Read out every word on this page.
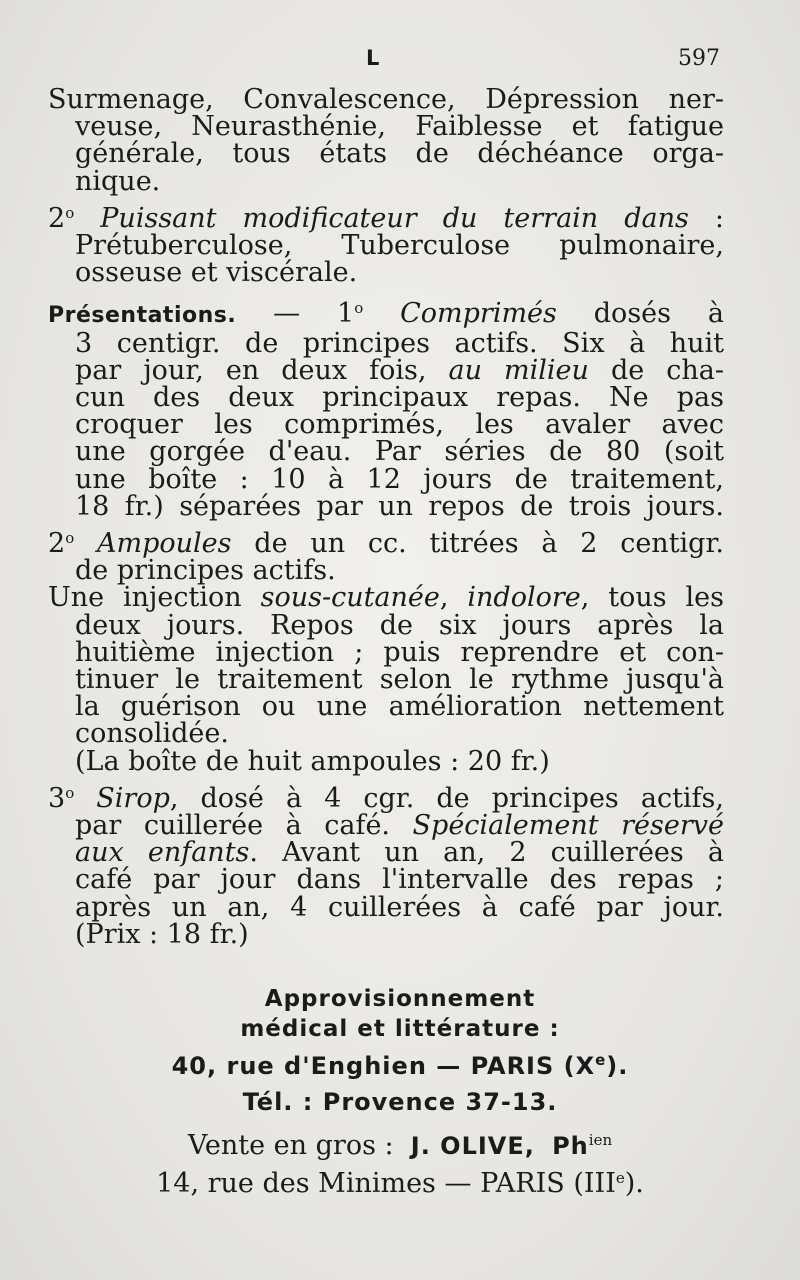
L	597
Surmenage, Convalescence, Dépression ner-
veuse, Neurasthénie, Faiblesse et fatigue
générale, tous états de déchéance orga-
nique.
2$^o$ Puissant modificateur du terrain dans :
Prétuberculose, Tuberculose pulmonaire,
osseuse et viscérale.
Présentations. — 1$^o$ Comprimés dosés à
3 centigr. de principes actifs. Six à huit
par jour, en deux fois, au milieu de cha-
cun des deux principaux repas. Ne pas
croquer les comprimés, les avaler avec
une gorgée d'eau. Par séries de 80 (soit
une boîte : 10 à 12 jours de traitement,
18 fr.) séparées par un repos de trois jours.
2$^o$ Ampoules de un cc. titrées à 2 centigr.
de principes actifs.
Une injection sous-cutanée, indolore, tous les
deux jours. Repos de six jours après la
huitième injection ; puis reprendre et con-
tinuer le traitement selon le rythme jusqu'à
la guérison ou une amélioration nettement
consolidée.
(La boîte de huit ampoules : 20 fr.)
3$^o$ Sirop, dosé à 4 cgr. de principes actifs,
par cuillerée à café. Spécialement réservé
aux enfants. Avant un an, 2 cuillerées à
café par jour dans l'intervalle des repas ;
après un an, 4 cuillerées à café par jour.
(Prix : 18 fr.)
Approvisionnement
médical et littérature :
40, rue d'Enghien — PARIS (Xe).
Tél. : Provence 37-13.
Vente en gros : J. OLIVE, $Ph^{ien}$
14, rue des Minimes — PARIS (IIIe).
